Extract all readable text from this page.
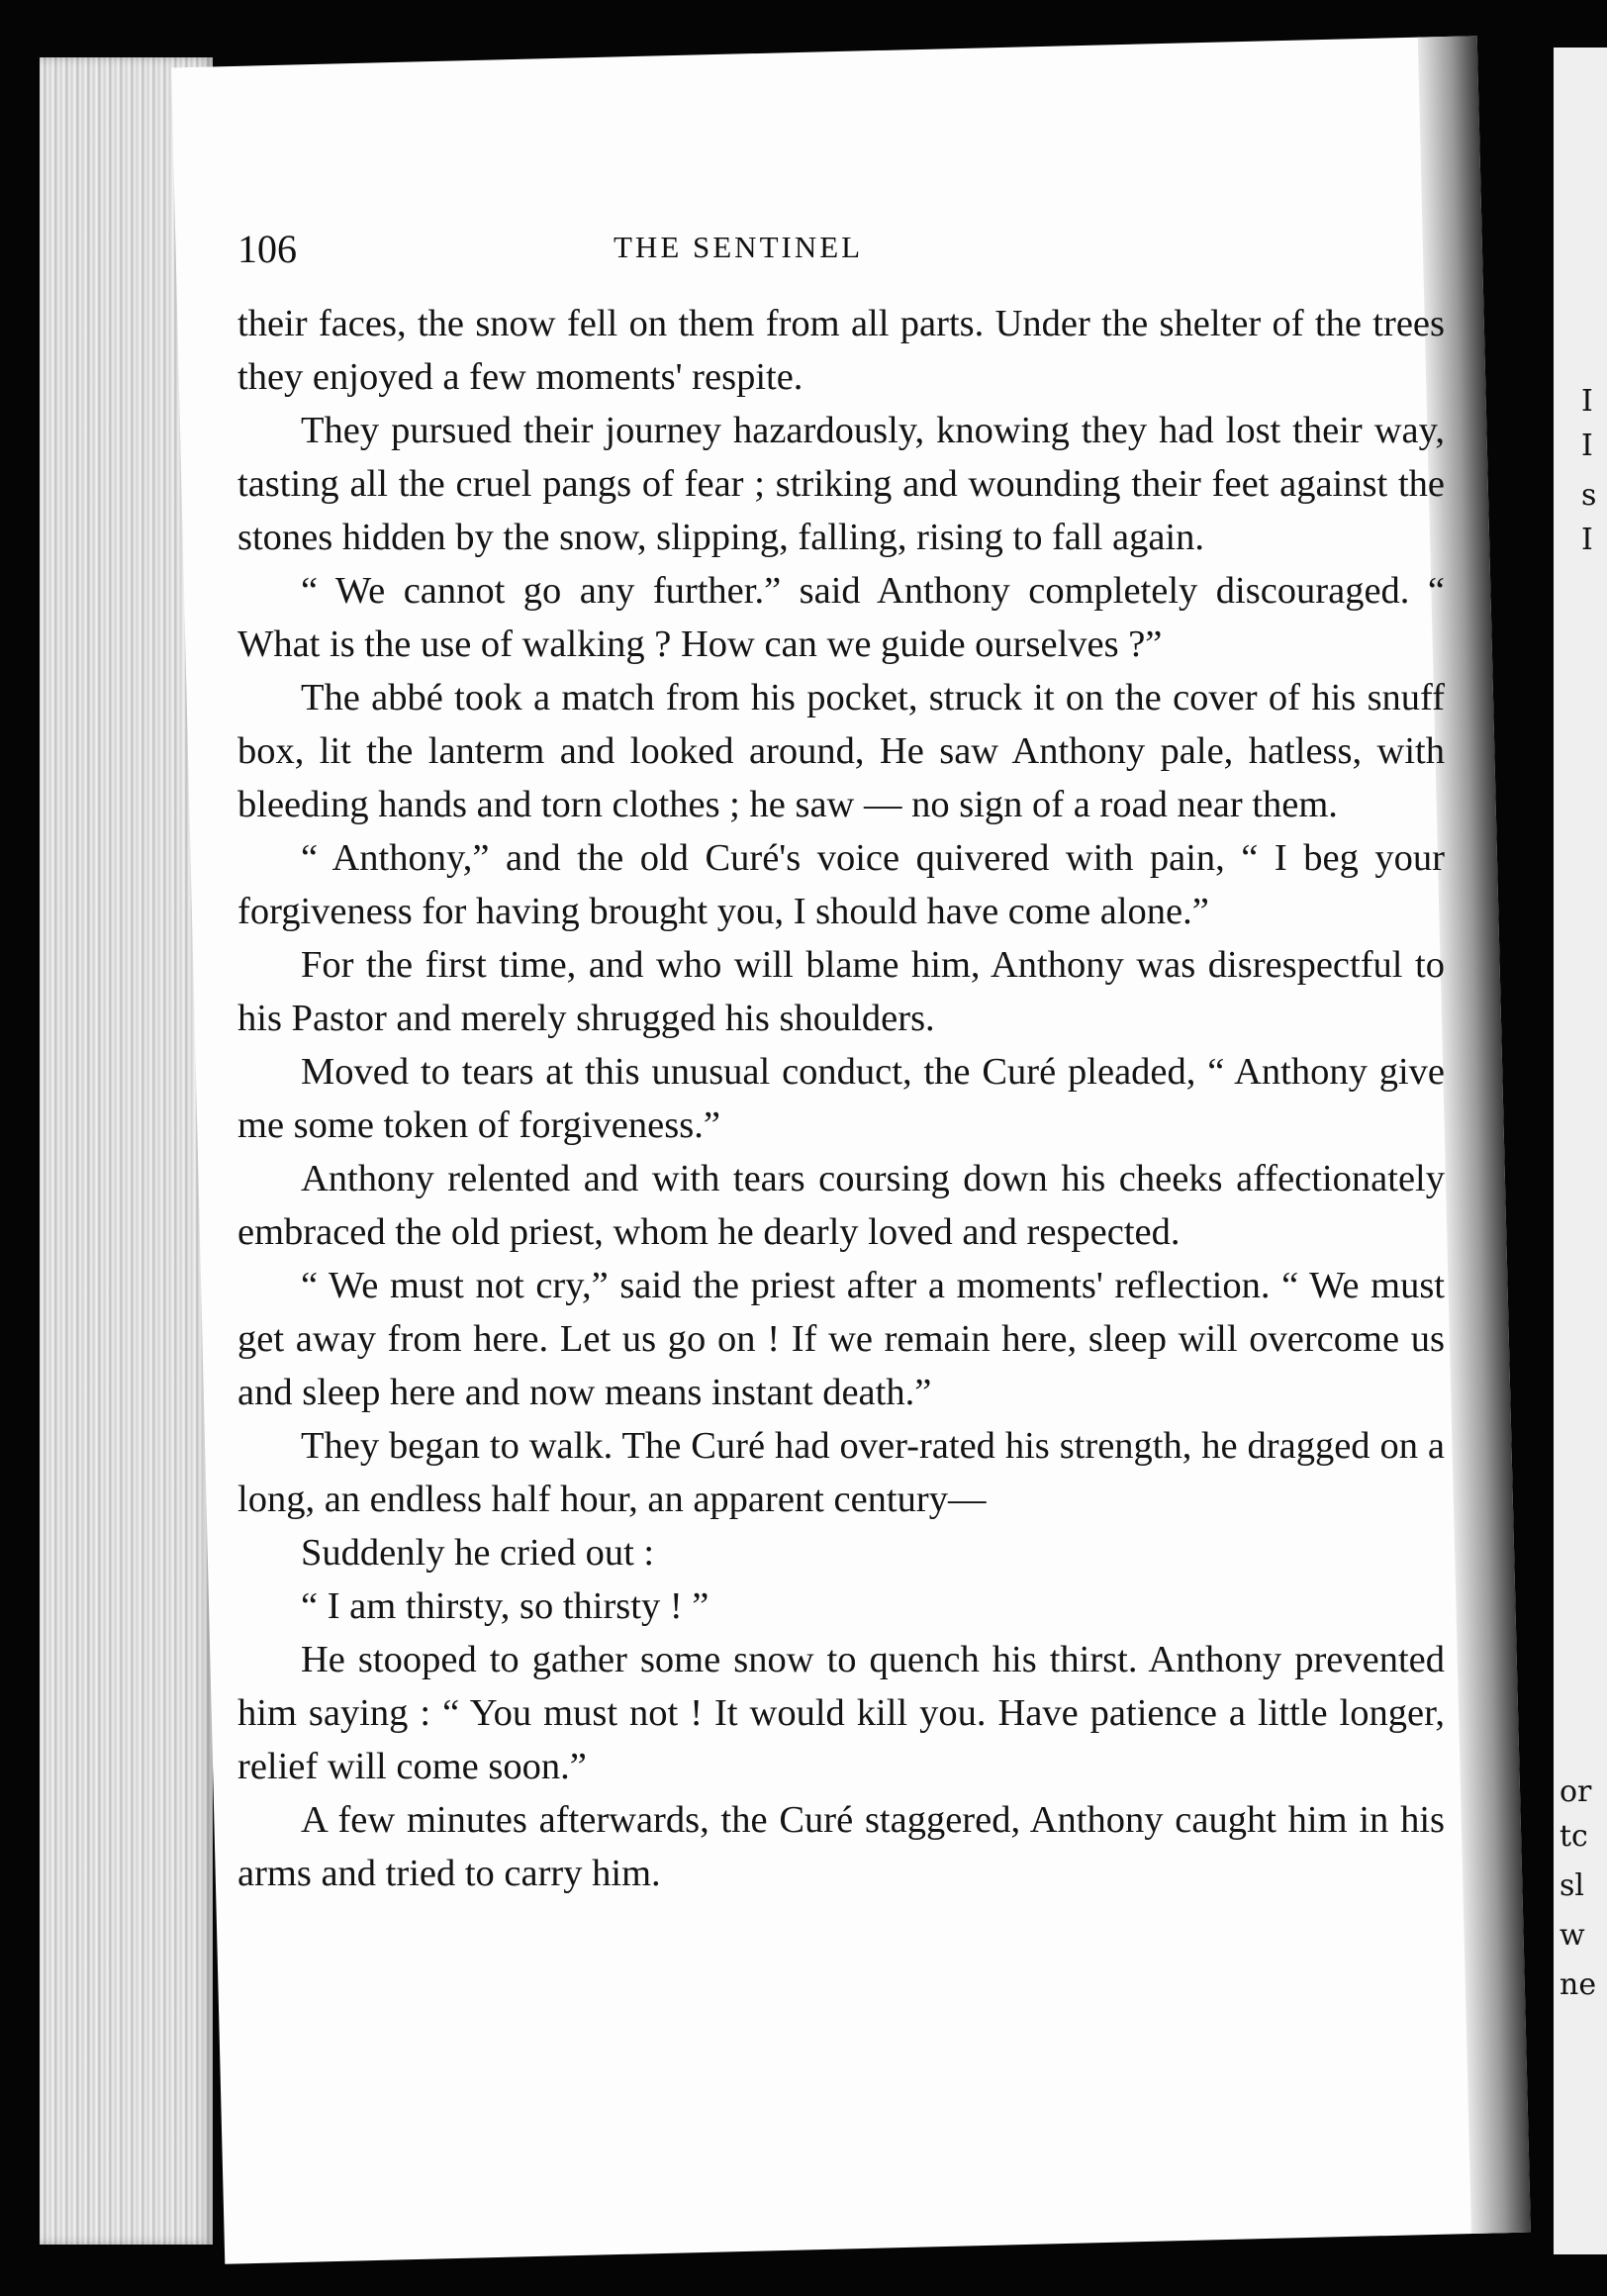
106	THE SENTINEL

their faces, the snow fell on them from all parts. Under the shelter of the trees they enjoyed a few moments' respite.

They pursued their journey hazardously, knowing they had lost their way, tasting all the cruel pangs of fear ; striking and wounding their feet against the stones hidden by the snow, slipping, falling, rising to fall again.

“ We cannot go any further.” said Anthony completely discouraged. “ What is the use of walking ? How can we guide ourselves ?”

The abbé took a match from his pocket, struck it on the cover of his snuff box, lit the lanterm and looked around, He saw Anthony pale, hatless, with bleeding hands and torn clothes ; he saw — no sign of a road near them.

“ Anthony,” and the old Curé's voice quivered with pain, “ I beg your forgiveness for having brought you, I should have come alone.”

For the first time, and who will blame him, Anthony was disrespectful to his Pastor and merely shrugged his shoulders.

Moved to tears at this unusual conduct, the Curé pleaded, “ Anthony give me some token of forgiveness.”

Anthony relented and with tears coursing down his cheeks affectionately embraced the old priest, whom he dearly loved and respected.

“ We must not cry,” said the priest after a moments' reflection. “ We must get away from here. Let us go on ! If we remain here, sleep will overcome us and sleep here and now means instant death.”

They began to walk. The Curé had over-rated his strength, he dragged on a long, an endless half hour, an apparent century—

Suddenly he cried out :

“ I am thirsty, so thirsty ! ”

He stooped to gather some snow to quench his thirst. Anthony prevented him saying : “ You must not ! It would kill you. Have patience a little longer, relief will come soon.”

A few minutes afterwards, the Curé staggered, Anthony caught him in his arms and tried to carry him.

I
I
s
I
or
tc
sl
w
ne
